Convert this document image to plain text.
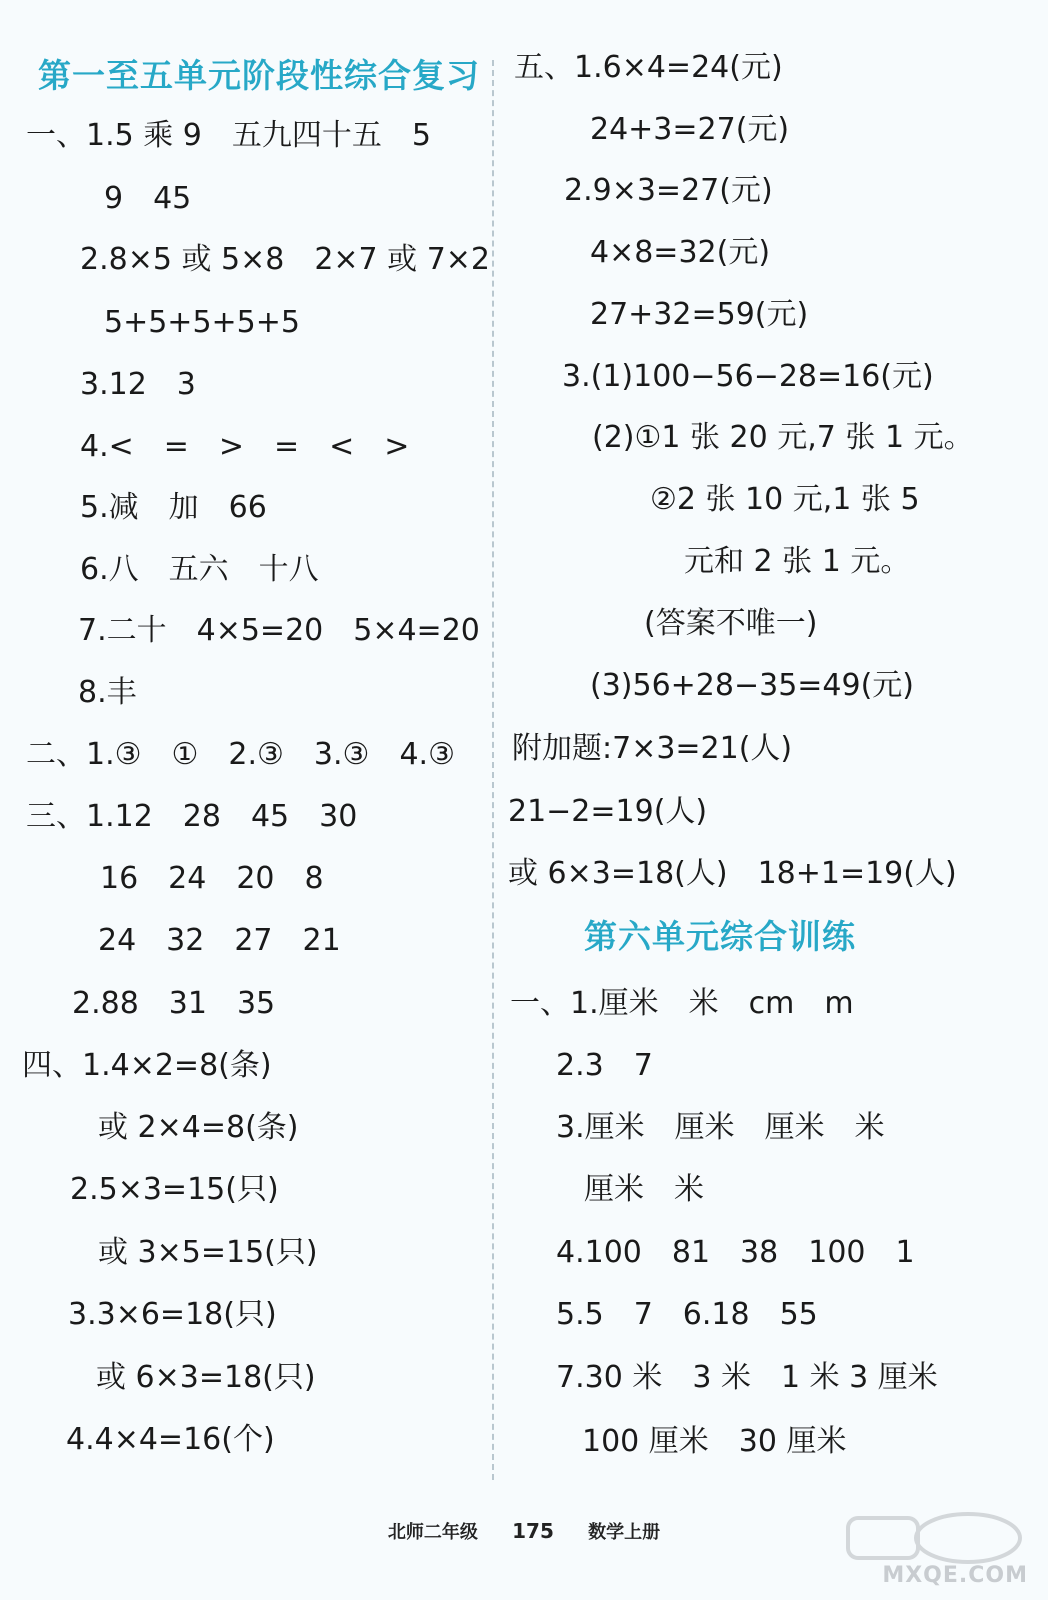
第一至五单元阶段性综合复习
一、1.5 乘 9　五九四十五　5
9　45
2.8×5 或 5×8　2×7 或 7×2
5+5+5+5+5
3.12　3
4.<　=　>　=　<　>
5.减　加　66
6.八　五六　十八
7.二十　4×5=20　5×4=20
8.丰
二、1.③　①　2.③　3.③　4.③
三、1.12　28　45　30
16　24　20　8
24　32　27　21
2.88　31　35
四、1.4×2=8(条)
或 2×4=8(条)
2.5×3=15(只)
或 3×5=15(只)
3.3×6=18(只)
或 6×3=18(只)
4.4×4=16(个)
五、1.6×4=24(元)
24+3=27(元)
2.9×3=27(元)
4×8=32(元)
27+32=59(元)
3.(1)100−56−28=16(元)
(2)①1 张 20 元,7 张 1 元。
②2 张 10 元,1 张 5
元和 2 张 1 元。
(答案不唯一)
(3)56+28−35=49(元)
附加题:7×3=21(人)
21−2=19(人)
或 6×3=18(人)　18+1=19(人)
第六单元综合训练
一、1.厘米　米　cm　m
2.3　7
3.厘米　厘米　厘米　米
厘米　米
4.100　81　38　100　1
5.5　7　6.18　55
7.30 米　3 米　1 米 3 厘米
100 厘米　30 厘米
北师二年级 175 数学上册
MXQE.COM
